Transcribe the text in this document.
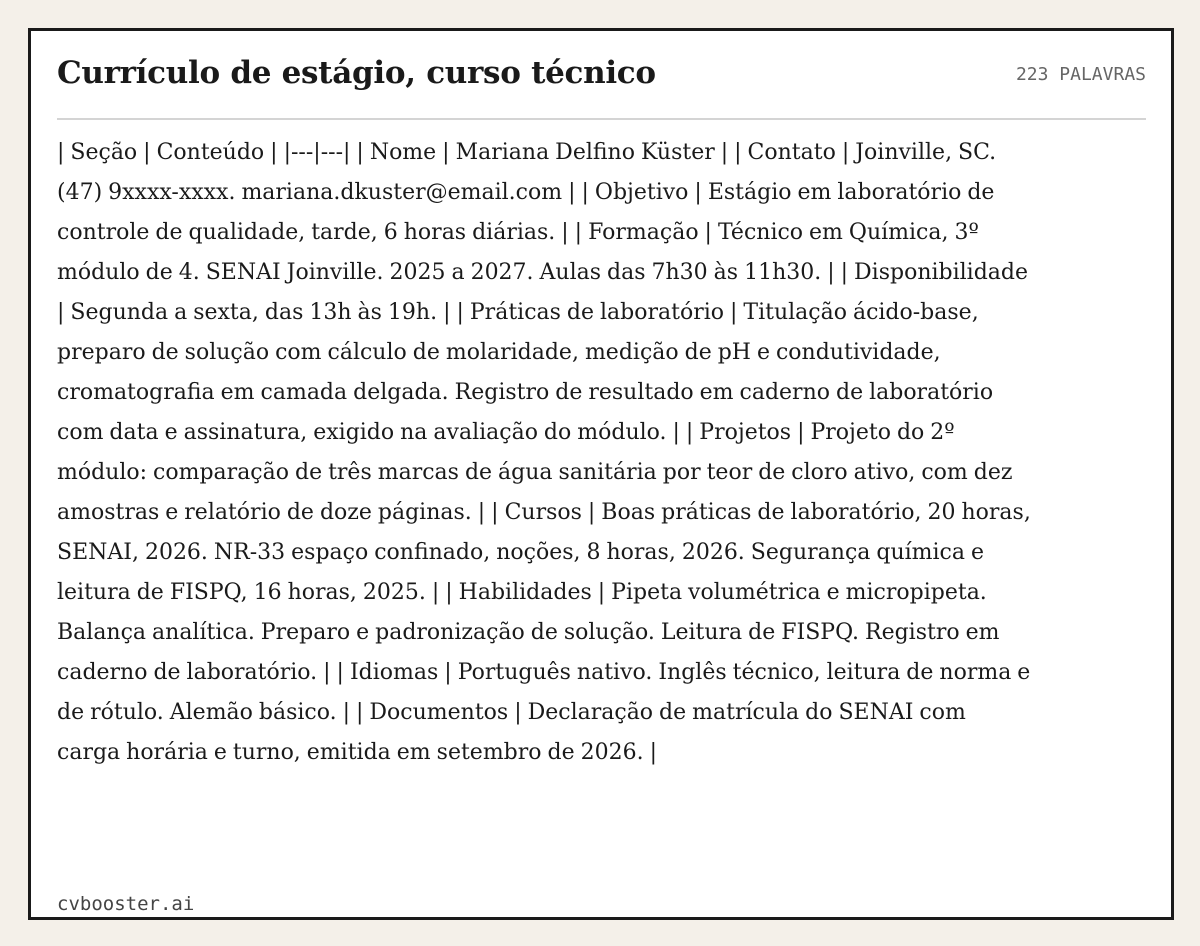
Currículo de estágio, curso técnico	223 PALAVRAS

| Seção | Conteúdo | |---|---| | Nome | Mariana Delfino Küster | | Contato | Joinville, SC. (47) 9xxxx-xxxx. mariana.dkuster@email.com | | Objetivo | Estágio em laboratório de controle de qualidade, tarde, 6 horas diárias. | | Formação | Técnico em Química, 3º módulo de 4. SENAI Joinville. 2025 a 2027. Aulas das 7h30 às 11h30. | | Disponibilidade | Segunda a sexta, das 13h às 19h. | | Práticas de laboratório | Titulação ácido-base, preparo de solução com cálculo de molaridade, medição de pH e condutividade, cromatografia em camada delgada. Registro de resultado em caderno de laboratório com data e assinatura, exigido na avaliação do módulo. | | Projetos | Projeto do 2º módulo: comparação de três marcas de água sanitária por teor de cloro ativo, com dez amostras e relatório de doze páginas. | | Cursos | Boas práticas de laboratório, 20 horas, SENAI, 2026. NR-33 espaço confinado, noções, 8 horas, 2026. Segurança química e leitura de FISPQ, 16 horas, 2025. | | Habilidades | Pipeta volumétrica e micropipeta. Balança analítica. Preparo e padronização de solução. Leitura de FISPQ. Registro em caderno de laboratório. | | Idiomas | Português nativo. Inglês técnico, leitura de norma e de rótulo. Alemão básico. | | Documentos | Declaração de matrícula do SENAI com carga horária e turno, emitida em setembro de 2026. |

cvbooster.ai
